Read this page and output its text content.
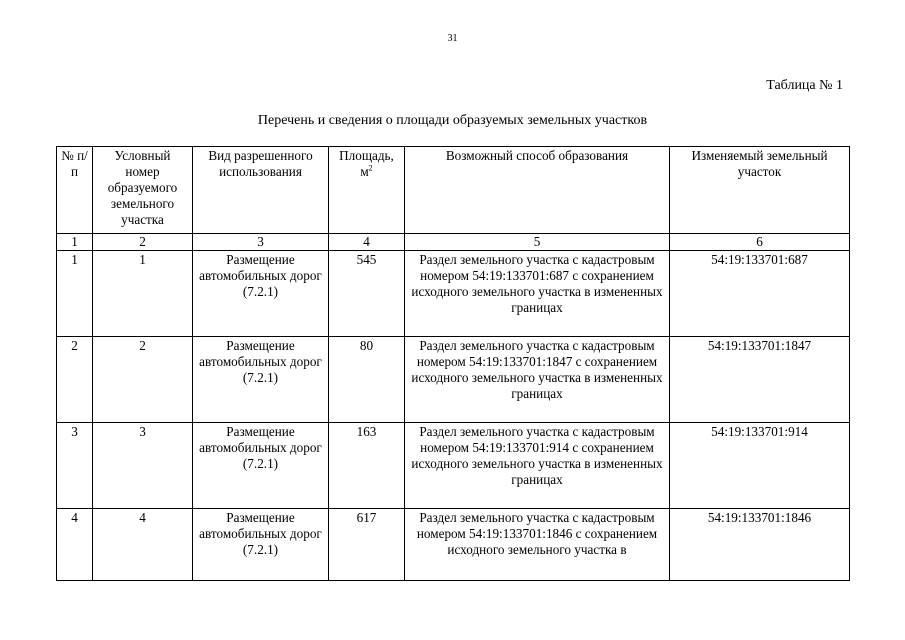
31
Таблица № 1
Перечень и сведения о площади образуемых земельных участков
№ п/п	Условный номер образуемого земельного участка	Вид разрешенного использования	Площадь, $м^2$	Возможный способ образования	Изменяемый земельный участок
1	2	3	4	5	6
1	1	Размещение автомобильных дорог (7.2.1)	545	Раздел земельного участка с кадастровым номером 54:19:133701:687 с сохранением исходного земельного участка в измененных границах	54:19:133701:687
2	2	Размещение автомобильных дорог (7.2.1)	80	Раздел земельного участка с кадастровым номером 54:19:133701:1847 с сохранением исходного земельного участка в измененных границах	54:19:133701:1847
3	3	Размещение автомобильных дорог (7.2.1)	163	Раздел земельного участка с кадастровым номером 54:19:133701:914 с сохранением исходного земельного участка в измененных границах	54:19:133701:914
4	4	Размещение автомобильных дорог (7.2.1)	617	Раздел земельного участка с кадастровым номером 54:19:133701:1846 с сохранением исходного земельного участка в	54:19:133701:1846
